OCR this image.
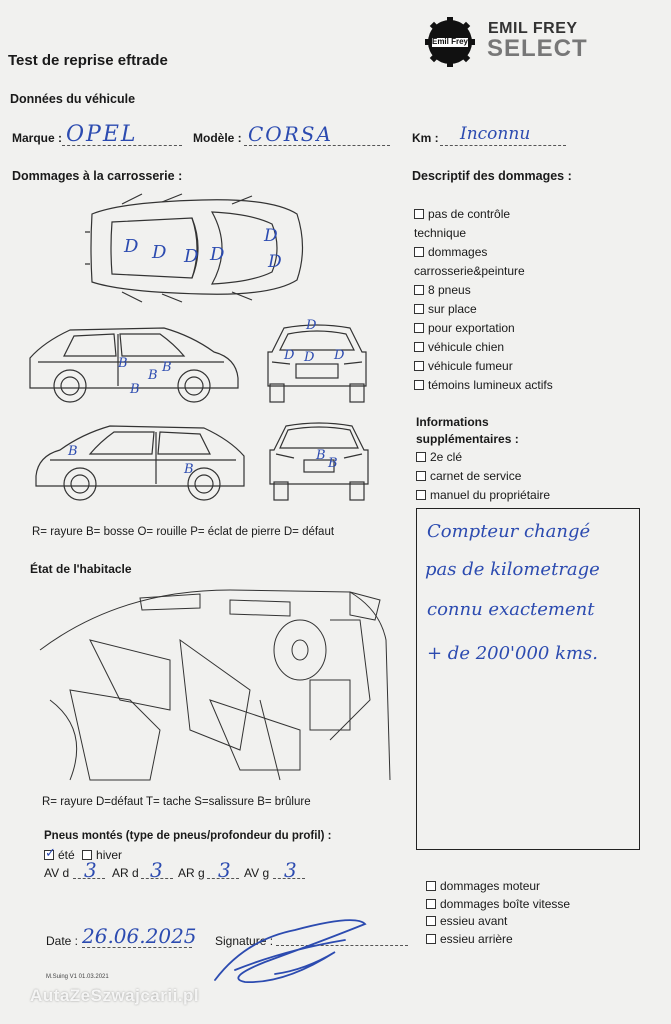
Test de reprise eftrade
Emil Frey
EMIL FREY
SELECT
Données du véhicule
Marque : OPEL	Modèle : CORSA	Km : Inconnu
Dommages à la carrosserie :
D D D D
D
D
B
B
B
B
D
D D D
B
B
B
B
R= rayure B= bosse O= rouille P= éclat de pierre D= défaut
État de l'habitacle
R= rayure D=défaut T= tache S=salissure B= brûlure
Pneus montés (type de pneus/profondeur du profil) :
✓ été hiver
AV d 3 AR d 3 AR g 3 AV g 3
Date : 26.06.2025 Signature :
M.Suing V1 01.03.2021
Descriptif des dommages :
pas de contrôle technique
dommages carrosserie&peinture
8 pneus
sur place
pour exportation
véhicule chien
véhicule fumeur
témoins lumineux actifs
Informations
supplémentaires :
2e clé
carnet de service
manuel du propriétaire
Compteur changé
pas de kilometrage
connu exactement
+ de 200'000 kms.
dommages moteur
dommages boîte vitesse
essieu avant
essieu arrière
AutaZeSzwajcarii.pl
